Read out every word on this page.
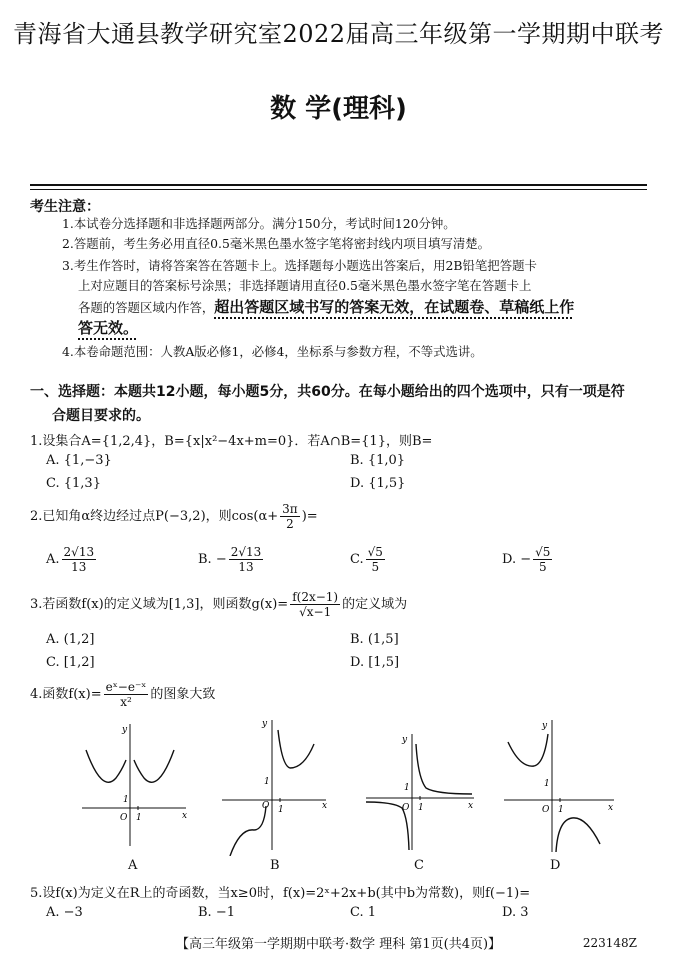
青海省大通县教学研究室2022届高三年级第一学期期中联考
数 学(理科)
考生注意：
1.本试卷分选择题和非选择题两部分。满分150分，考试时间120分钟。
2.答题前，考生务必用直径0.5毫米黑色墨水签字笔将密封线内项目填写清楚。
3.考生作答时，请将答案答在答题卡上。选择题每小题选出答案后，用2B铅笔把答题卡
上对应题目的答案标号涂黑；非选择题请用直径0.5毫米黑色墨水签字笔在答题卡上
各题的答题区域内作答，超出答题区域书写的答案无效，在试题卷、草稿纸上作
答无效。
4.本卷命题范围：人教A版必修1，必修4，坐标系与参数方程，不等式选讲。
一、选择题：本题共12小题，每小题5分，共60分。在每小题给出的四个选项中，只有一项是符
合题目要求的。
1.设集合A={1,2,4}，B={x|x²−4x+m=0}．若A∩B={1}，则B=
A. {1,−3}	B. {1,0}
C. {1,3}	D. {1,5}
2.已知角α终边经过点P(−3,2)，则$\cos(\alpha+ \frac{3\pi}{2}$ )=
A. $\frac{2√13}{13}$	B. − $\frac{2√13}{13}$	C. $\frac{√5}{5}$	D. − $\frac{√5}{5}$
3.若函数f(x)的定义域为[1,3]，则函数$g(x)= \frac{f(2x-1)}{√x-1}$ 的定义域为
A. (1,2]	B. (1,5]
C. [1,2]	D. [1,5]
4.函数$f(x)= \frac{\text{eˣ−e⁻ˣ}}{\text{x²}}$ 的图象大致
x
y
O 1
1
A
x
y
O 1
1
B
x
y
O 1
1
C
x
y
O 1
1
D
5.设f(x)为定义在R上的奇函数，当x≥0时，f(x)=2ˣ+2x+b(其中b为常数)，则f(−1)=
A. −3	B. −1	C. 1	D. 3
【高三年级第一学期期中联考·数学 理科 第1页(共4页)】	223148Z
